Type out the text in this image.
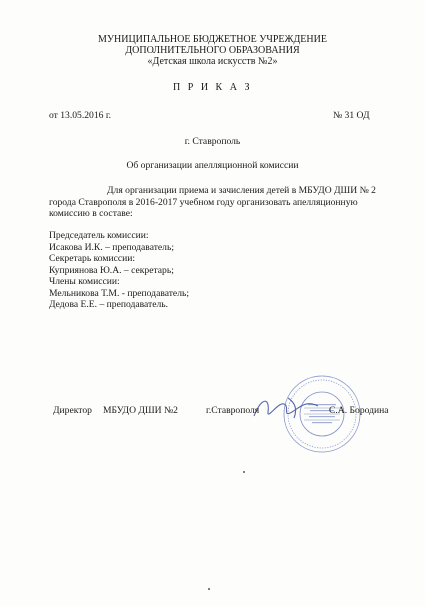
МУНИЦИПАЛЬНОЕ БЮДЖЕТНОЕ УЧРЕЖДЕНИЕ
ДОПОЛНИТЕЛЬНОГО ОБРАЗОВАНИЯ
«Детская школа искусств №2»
П Р И К А З
от 13.05.2016 г.	№ 31 ОД
г. Ставрополь
Об организации апелляционной комиссии
Для организации приема и зачисления детей в МБУДО ДШИ № 2
города Ставрополя в 2016-2017 учебном году организовать апелляционную
комиссию в составе:
Председатель комиссии:
Исакова И.К. – преподаватель;
Секретарь комиссии:
Куприянова Ю.А. – секретарь;
Члены комиссии:
Мельникова Т.М. - преподаватель;
Дедова Е.Е. – преподаватель.
Директор МБУДО ДШИ №2	г.Ставрополя	С.А. Бородина
